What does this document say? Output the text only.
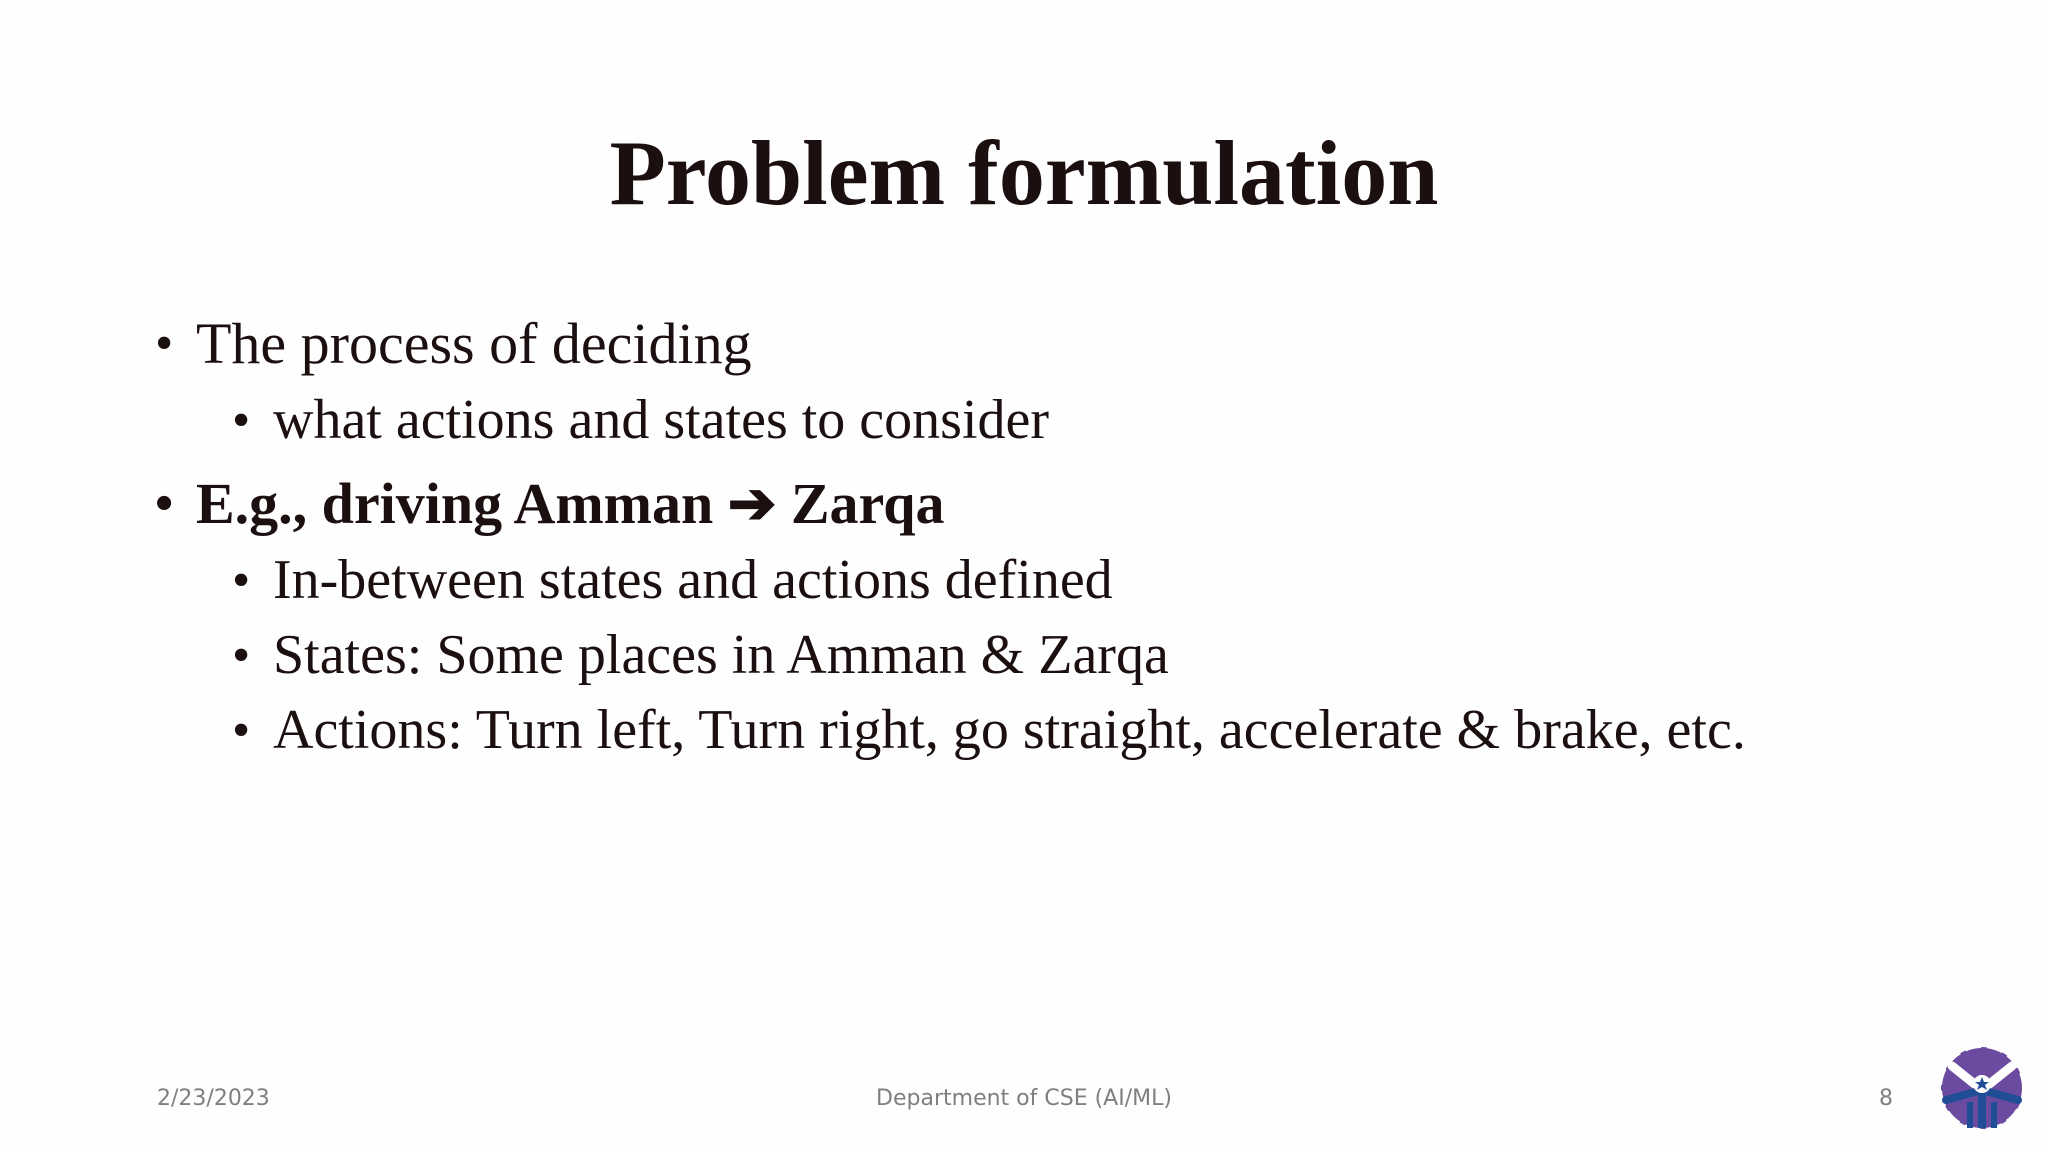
Problem formulation
• The process of deciding
• what actions and states to consider
• E.g., driving Amman ➔ Zarqa
• In-between states and actions defined
• States: Some places in Amman & Zarqa
• Actions: Turn left, Turn right, go straight, accelerate & brake, etc.
2/23/2023	Department of CSE (AI/ML)	8
